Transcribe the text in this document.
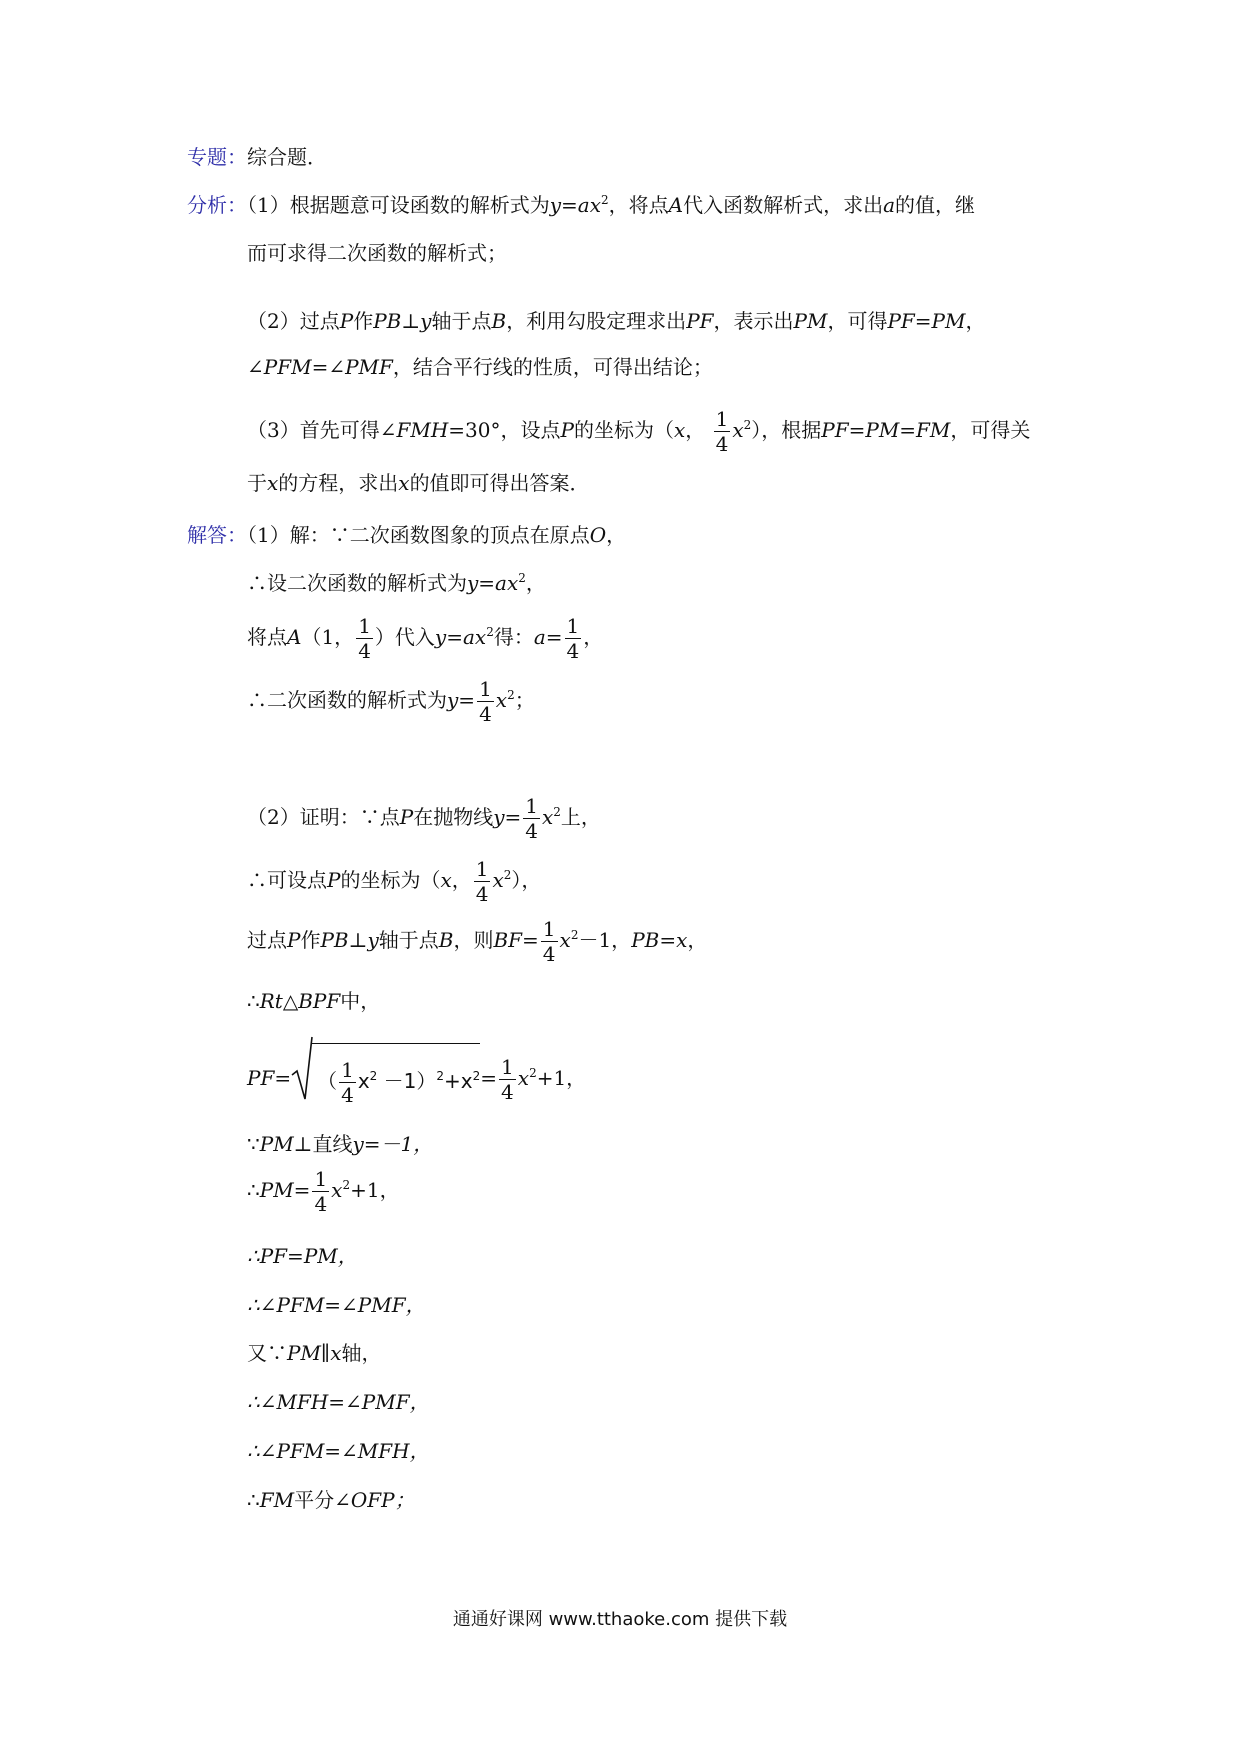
专题：综合题．
分析：（1）根据题意可设函数的解析式为$y=ax^2$，将点A代入函数解析式，求出a的值，继
而可求得二次函数的解析式；
（2）过点P作PB⊥y轴于点B，利用勾股定理求出PF，表示出PM，可得PF=PM，
∠PFM=∠PMF，结合平行线的性质，可得出结论；
（3）首先可得∠FMH=30°，设点P的坐标为（x， $\frac{1}{4} x^2$），根据PF=PM=FM，可得关
于x的方程，求出x的值即可得出答案．
解答：（1）解：∵二次函数图象的顶点在原点O，
∴设二次函数的解析式为$y=ax^2$，
将点A（1， $\frac{1}{4}$ ）代入$y=ax^2$得：$a= \frac{1}{4}$ ，
∴二次函数的解析式为$y= \frac{1}{4} x^2$；
（2）证明：∵点P在抛物线$y= \frac{1}{4} x^2$上，
∴可设点P的坐标为（x， $\frac{1}{4} x^2$），
过点P作PB⊥y轴于点B，则$BF= \frac{1}{4} x^2-1$，PB=x，
∴Rt△BPF中，
PF= （ $\frac{1}{4} x^2 -1)^2+x^2= \frac{1}{4} x^2+1$，
∵PM⊥直线y=－1，
∴PM= $\frac{1}{4} x^2+1$，
∴PF=PM，
∴∠PFM=∠PMF，
又∵PM∥x轴，
∴∠MFH=∠PMF，
∴∠PFM=∠MFH，
∴FM平分∠OFP；
通通好课网 www.tthaoke.com 提供下载
